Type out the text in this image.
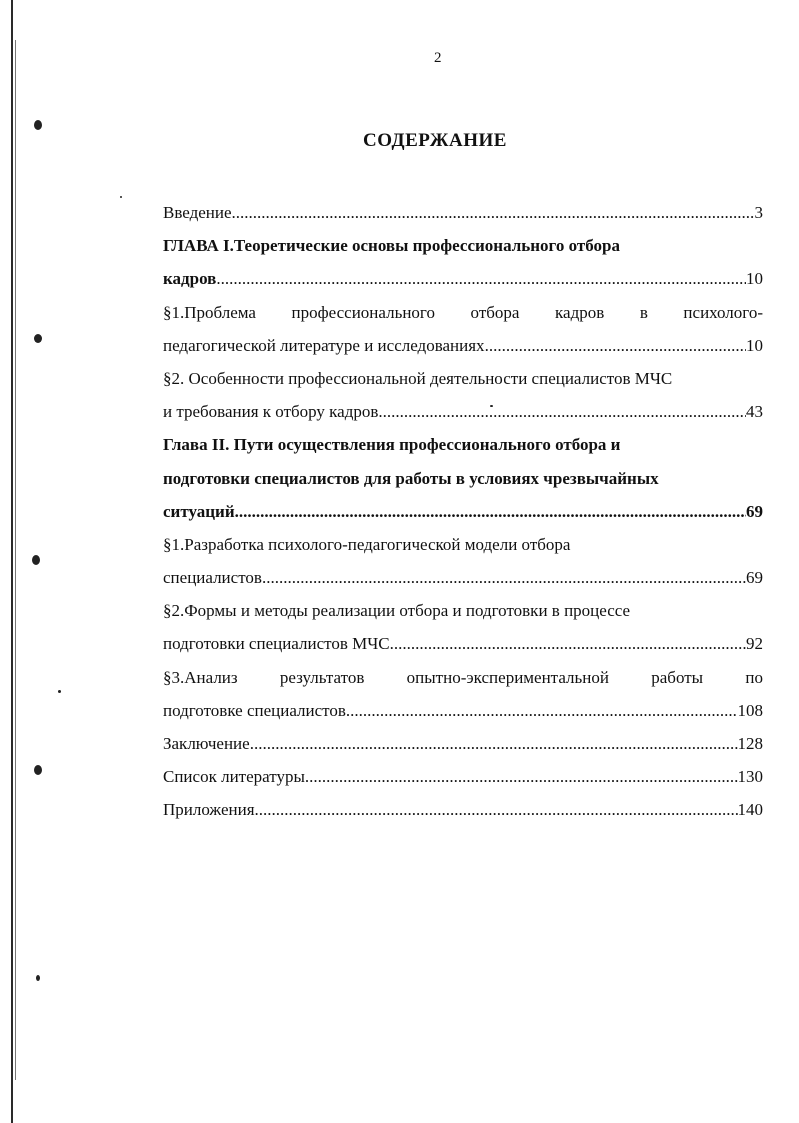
2
СОДЕРЖАНИЕ
Введение .....	3
ГЛАВА I.Теоретические основы профессионального отбора
кадров .....	10
§1.Проблема профессионального отбора кадров в психолого-
педагогической литературе и исследованиях .....	10
§2. Особенности профессиональной деятельности специалистов МЧС
и требования к отбору кадров .....	43
Глава II. Пути осуществления профессионального отбора и
подготовки специалистов для работы в условиях чрезвычайных
ситуаций .....	69
§1.Разработка психолого-педагогической модели отбора
специалистов .....	69
§2.Формы и методы реализации отбора и подготовки в процессе
подготовки специалистов МЧС .....	92
§3.Анализ результатов опытно-экспериментальной работы по
подготовке специалистов .....	108
Заключение .....	128
Список литературы .....	130
Приложения .....	140
